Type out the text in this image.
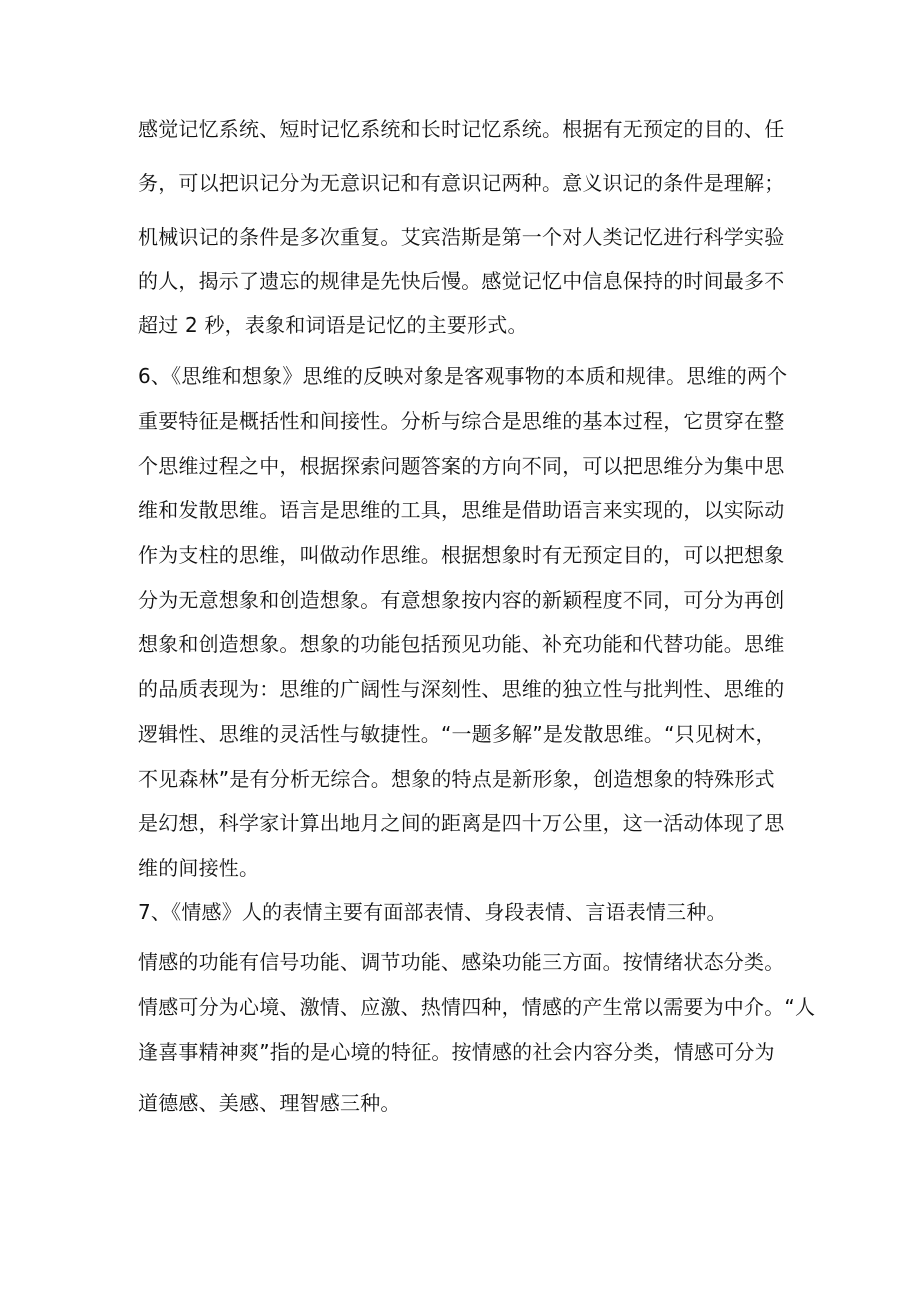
感觉记忆系统、短时记忆系统和长时记忆系统。根据有无预定的目的、任
务，可以把识记分为无意识记和有意识记两种。意义识记的条件是理解；
机械识记的条件是多次重复。艾宾浩斯是第一个对人类记忆进行科学实验
的人，揭示了遗忘的规律是先快后慢。感觉记忆中信息保持的时间最多不
超过 2 秒，表象和词语是记忆的主要形式。
6、《思维和想象》思维的反映对象是客观事物的本质和规律。思维的两个
重要特征是概括性和间接性。分析与综合是思维的基本过程，它贯穿在整
个思维过程之中，根据探索问题答案的方向不同，可以把思维分为集中思
维和发散思维。语言是思维的工具，思维是借助语言来实现的，以实际动
作为支柱的思维，叫做动作思维。根据想象时有无预定目的，可以把想象
分为无意想象和创造想象。有意想象按内容的新颖程度不同，可分为再创
想象和创造想象。想象的功能包括预见功能、补充功能和代替功能。思维
的品质表现为：思维的广阔性与深刻性、思维的独立性与批判性、思维的
逻辑性、思维的灵活性与敏捷性。“一题多解”是发散思维。“只见树木，
不见森林”是有分析无综合。想象的特点是新形象，创造想象的特殊形式
是幻想，科学家计算出地月之间的距离是四十万公里，这一活动体现了思
维的间接性。
7、《情感》人的表情主要有面部表情、身段表情、言语表情三种。
情感的功能有信号功能、调节功能、感染功能三方面。按情绪状态分类。
情感可分为心境、激情、应激、热情四种，情感的产生常以需要为中介。“人
逢喜事精神爽”指的是心境的特征。按情感的社会内容分类，情感可分为
道德感、美感、理智感三种。
